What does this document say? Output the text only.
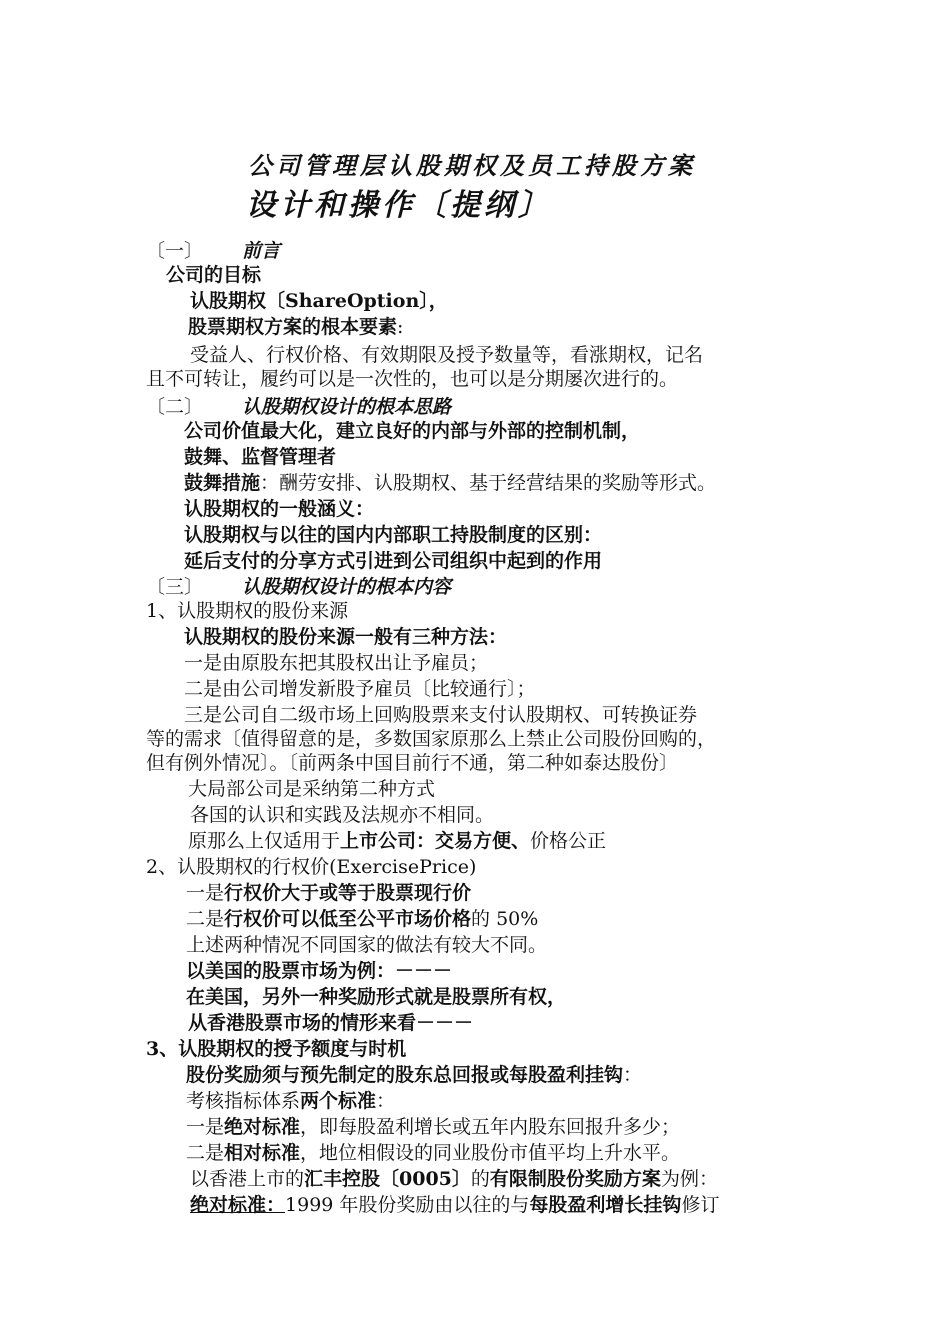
公司管理层认股期权及员工持股方案
设计和操作〔提纲〕
〔一〕 前言
公司的目标
认股期权〔ShareOption〕，
股票期权方案的根本要素:
受益人、行权价格、有效期限及授予数量等，看涨期权，记名
且不可转让，履约可以是一次性的，也可以是分期屡次进行的。
〔二〕 认股期权设计的根本思路
公司价值最大化，建立良好的内部与外部的控制机制，
鼓舞、监督管理者
鼓舞措施：酬劳安排、认股期权、基于经营结果的奖励等形式。
认股期权的一般涵义：
认股期权与以往的国内内部职工持股制度的区别：
延后支付的分享方式引进到公司组织中起到的作用
〔三〕 认股期权设计的根本内容
1、认股期权的股份来源
认股期权的股份来源一般有三种方法：
一是由原股东把其股权出让予雇员；
二是由公司增发新股予雇员〔比较通行〕；
三是公司自二级市场上回购股票来支付认股期权、可转换证券
等的需求〔值得留意的是，多数国家原那么上禁止公司股份回购的，
但有例外情况〕。〔前两条中国目前行不通，第二种如泰达股份〕
大局部公司是采纳第二种方式
各国的认识和实践及法规亦不相同。
原那么上仅适用于上市公司：交易方便、价格公正
2、认股期权的行权价(ExercisePrice)
一是行权价大于或等于股票现行价
二是行权价可以低至公平市场价格的 50%
上述两种情况不同国家的做法有较大不同。
以美国的股票市场为例：－－－
在美国，另外一种奖励形式就是股票所有权，
从香港股票市场的情形来看－－－
3、认股期权的授予额度与时机
股份奖励须与预先制定的股东总回报或每股盈利挂钩：
考核指标体系两个标准：
一是绝对标准，即每股盈利增长或五年内股东回报升多少；
二是相对标准，地位相假设的同业股份市值平均上升水平。
以香港上市的汇丰控股〔0005〕的有限制股份奖励方案为例：
绝对标准：1999 年股份奖励由以往的与每股盈利增长挂钩修订
